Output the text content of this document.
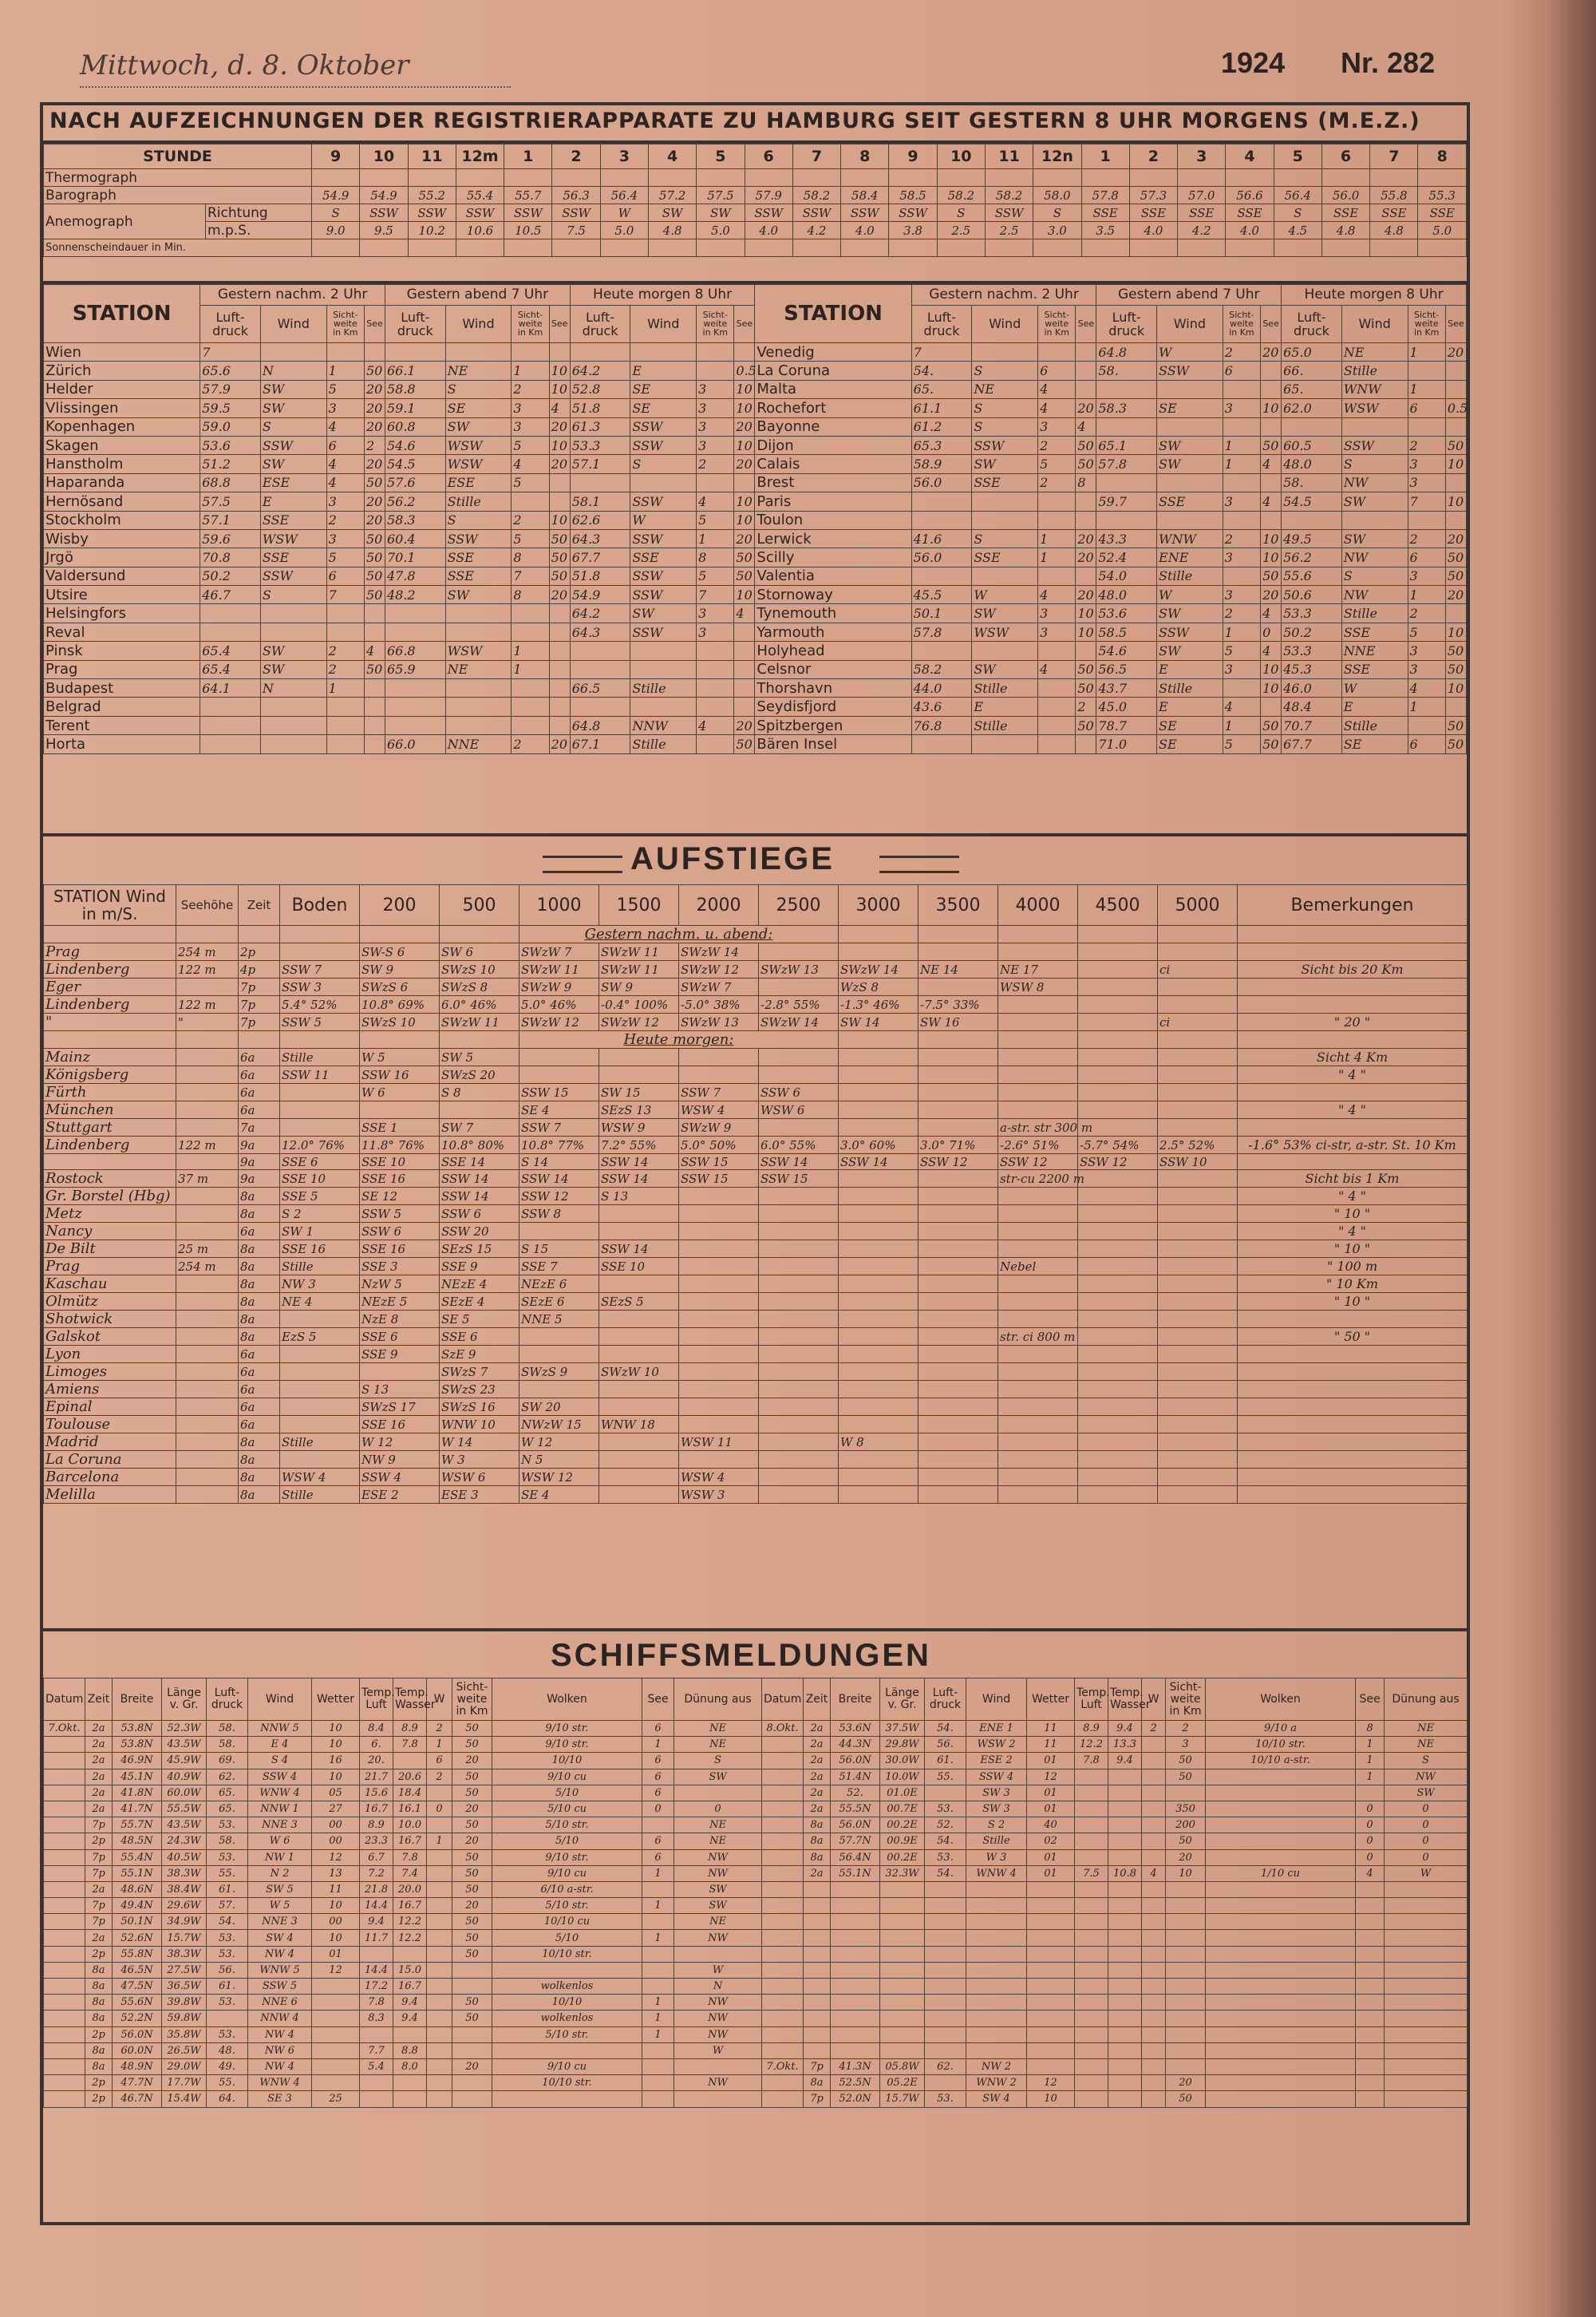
Mittwoch, d. 8. Oktober	1924 Nr. 282
NACH AUFZEICHNUNGEN DER REGISTRIERAPPARATE ZU HAMBURG SEIT GESTERN 8 UHR MORGENS (M.E.Z.)
STUNDE		9	10	11	12m	1	2	3	4	5	6	7	8	9	10	11	12n	1	2	3	4	5	6	7	8
Thermograph																									
Barograph		54.9	54.9	55.2	55.4	55.7	56.3	56.4	57.2	57.5	57.9	58.2	58.4	58.5	58.2	58.2	58.0	57.8	57.3	57.0	56.6	56.4	56.0	55.8	55.3
Anemograph	Richtung	S	SSW	SSW	SSW	SSW	SSW	W	SW	SW	SSW	SSW	SSW	SSW	S	SSW	S	SSE	SSE	SSE	SSE	S	SSE	SSE	SSE
	m.p.S.	9.0	9.5	10.2	10.6	10.5	7.5	5.0	4.8	5.0	4.0	4.2	4.0	3.8	2.5	2.5	3.0	3.5	4.0	4.2	4.0	4.5	4.8	4.8	5.0
Sonnenscheindauer in Min.																									
STATION	Gestern nachm. 2 Uhr				Gestern abend 7 Uhr				Heute morgen 8 Uhr				STATION	Gestern nachm. 2 Uhr				Gestern abend 7 Uhr				Heute morgen 8 Uhr			
	Luft-druck	Wind	Sicht-weite in Km	See	Luft-druck	Wind	Sicht-weite in Km	See	Luft-druck	Wind	Sicht-weite in Km	See		Luft-druck	Wind	Sicht-weite in Km	See	Luft-druck	Wind	Sicht-weite in Km	See	Luft-druck	Wind	Sicht-weite in Km	See
Wien	7												Venedig	7				64.8	W	2	20	65.0	NE	1	20
Zürich	65.6	N	1	50	66.1	NE	1	10	64.2	E		0.5	La Coruna	54.	S	6		58.	SSW	6		66.	Stille		
Helder	57.9	SW	5	20	58.8	S	2	10	52.8	SE	3	10	Malta	65.	NE	4						65.	WNW	1	
Vlissingen	59.5	SW	3	20	59.1	SE	3	4	51.8	SE	3	10	Rochefort	61.1	S	4	20	58.3	SE	3	10	62.0	WSW	6	0.5
Kopenhagen	59.0	S	4	20	60.8	SW	3	20	61.3	SSW	3	20	Bayonne	61.2	S	3	4								
Skagen	53.6	SSW	6	2	54.6	WSW	5	10	53.3	SSW	3	10	Dijon	65.3	SSW	2	50	65.1	SW	1	50	60.5	SSW	2	50
Hanstholm	51.2	SW	4	20	54.5	WSW	4	20	57.1	S	2	20	Calais	58.9	SW	5	50	57.8	SW	1	4	48.0	S	3	10
Haparanda	68.8	ESE	4	50	57.6	ESE	5						Brest	56.0	SSE	2	8					58.	NW	3	
Hernösand	57.5	E	3	20	56.2	Stille			58.1	SSW	4	10	Paris					59.7	SSE	3	4	54.5	SW	7	10
Stockholm	57.1	SSE	2	20	58.3	S	2	10	62.6	W	5	10	Toulon												
Wisby	59.6	WSW	3	50	60.4	SSW	5	50	64.3	SSW	1	20	Lerwick	41.6	S	1	20	43.3	WNW	2	10	49.5	SW	2	20
Jrgö	70.8	SSE	5	50	70.1	SSE	8	50	67.7	SSE	8	50	Scilly	56.0	SSE	1	20	52.4	ENE	3	10	56.2	NW	6	50
Valdersund	50.2	SSW	6	50	47.8	SSE	7	50	51.8	SSW	5	50	Valentia					54.0	Stille		50	55.6	S	3	50
Utsire	46.7	S	7	50	48.2	SW	8	20	54.9	SSW	7	10	Stornoway	45.5	W	4	20	48.0	W	3	20	50.6	NW	1	20
Helsingfors									64.2	SW	3	4	Tynemouth	50.1	SW	3	10	53.6	SW	2	4	53.3	Stille	2	
Reval									64.3	SSW	3		Yarmouth	57.8	WSW	3	10	58.5	SSW	1	0	50.2	SSE	5	10
Pinsk	65.4	SW	2	4	66.8	WSW	1						Holyhead					54.6	SW	5	4	53.3	NNE	3	50
Prag	65.4	SW	2	50	65.9	NE	1						Celsnor	58.2	SW	4	50	56.5	E	3	10	45.3	SSE	3	50
Budapest	64.1	N	1						66.5	Stille			Thorshavn	44.0	Stille		50	43.7	Stille		10	46.0	W	4	10
Belgrad													Seydisfjord	43.6	E		2	45.0	E	4		48.4	E	1	
Terent									64.8	NNW	4	20	Spitzbergen	76.8	Stille		50	78.7	SE	1	50	70.7	Stille		50
Horta					66.0	NNE	2	20	67.1	Stille		50	Bären Insel					71.0	SE	5	50	67.7	SE	6	50
AUFSTIEGE
STATION Wind in m/S.	Seehöhe	Zeit	Boden	200	500	1000	1500	2000	2500	3000	3500	4000	4500	5000	Bemerkungen
						Gestern nachm. u. abend:									
Prag	254 m	2p		SW-S 6	SW 6	SWzW 7	SWzW 11	SWzW 14							
Lindenberg	122 m	4p	SSW 7	SW 9	SWzS 10	SWzW 11	SWzW 11	SWzW 12	SWzW 13	SWzW 14	NE 14	NE 17		ci	Sicht bis 20 Km
Eger		7p	SSW 3	SWzS 6	SWzS 8	SWzW 9	SW 9	SWzW 7		WzS 8		WSW 8			
Lindenberg	122 m	7p	5.4° 52%	10.8° 69%	6.0° 46%	5.0° 46%	-0.4° 100%	-5.0° 38%	-2.8° 55%	-1.3° 46%	-7.5° 33%				
"	"	7p	SSW 5	SWzS 10	SWzW 11	SWzW 12	SWzW 12	SWzW 13	SWzW 14	SW 14	SW 16			ci	" 20 "
						Heute morgen:									
Mainz		6a	Stille	W 5	SW 5										Sicht 4 Km
Königsberg		6a	SSW 11	SSW 16	SWzS 20										" 4 "
Fürth		6a		W 6	S 8	SSW 15	SW 15	SSW 7	SSW 6						
München		6a				SE 4	SEzS 13	WSW 4	WSW 6						" 4 "
Stuttgart		7a		SSE 1	SW 7	SSW 7	WSW 9	SWzW 9				a-str. str 300 m			
Lindenberg	122 m	9a	12.0° 76%	11.8° 76%	10.8° 80%	10.8° 77%	7.2° 55%	5.0° 50%	6.0° 55%	3.0° 60%	3.0° 71%	-2.6° 51%	-5.7° 54%	2.5° 52%	-1.6° 53% ci-str, a-str. St. 10 Km
		9a	SSE 6	SSE 10	SSE 14	S 14	SSW 14	SSW 15	SSW 14	SSW 14	SSW 12	SSW 12	SSW 12	SSW 10	
Rostock	37 m	9a	SSE 10	SSE 16	SSW 14	SSW 14	SSW 14	SSW 15	SSW 15			str-cu 2200 m			Sicht bis 1 Km
Gr. Borstel (Hbg)		8a	SSE 5	SE 12	SSW 14	SSW 12	S 13								" 4 "
Metz		8a	S 2	SSW 5	SSW 6	SSW 8									" 10 "
Nancy		6a	SW 1	SSW 6	SSW 20										" 4 "
De Bilt	25 m	8a	SSE 16	SSE 16	SEzS 15	S 15	SSW 14								" 10 "
Prag	254 m	8a	Stille	SSE 3	SSE 9	SSE 7	SSE 10					Nebel			" 100 m
Kaschau		8a	NW 3	NzW 5	NEzE 4	NEzE 6									" 10 Km
Olmütz		8a	NE 4	NEzE 5	SEzE 4	SEzE 6	SEzS 5								" 10 "
Shotwick		8a		NzE 8	SE 5	NNE 5									
Galskot		8a	EzS 5	SSE 6	SSE 6							str. ci 800 m			" 50 "
Lyon		6a		SSE 9	SzE 9										
Limoges		6a			SWzS 7	SWzS 9	SWzW 10								
Amiens		6a		S 13	SWzS 23										
Epinal		6a		SWzS 17	SWzS 16	SW 20									
Toulouse		6a		SSE 16	WNW 10	NWzW 15	WNW 18								
Madrid		8a	Stille	W 12	W 14	W 12		WSW 11		W 8					
La Coruna		8a		NW 9	W 3	N 5									
Barcelona		8a	WSW 4	SSW 4	WSW 6	WSW 12		WSW 4							
Melilla		8a	Stille	ESE 2	ESE 3	SE 4		WSW 3							
SCHIFFSMELDUNGEN
Datum	Zeit	Breite	Länge v. Gr.	Luft-druck	Wind	Wetter	Temp. Luft	Temp. Wasser	W	Sicht-weite in Km	Wolken	See	Dünung aus
7.Okt.	2a	53.8N	52.3W	58.	NNW 5	10	8.4	8.9	2	50	9/10 str.	6	NE
	2a	53.8N	43.5W	58.	E 4	10	6.	7.8	1	50	9/10 str.	1	NE
	2a	46.9N	45.9W	69.	S 4	16	20.		6	20	10/10	6	S
	2a	45.1N	40.9W	62.	SSW 4	10	21.7	20.6	2	50	9/10 cu	6	SW
	2a	41.8N	60.0W	65.	WNW 4	05	15.6	18.4		50	5/10	6	
	2a	41.7N	55.5W	65.	NNW 1	27	16.7	16.1	0	20	5/10 cu	0	0
	7p	55.7N	43.5W	53.	NNE 3	00	8.9	10.0		50	5/10 str.		NE
	2p	48.5N	24.3W	58.	W 6	00	23.3	16.7	1	20	5/10	6	NE
	7p	55.4N	40.5W	53.	NW 1	12	6.7	7.8		50	9/10 str.	6	NW
	7p	55.1N	38.3W	55.	N 2	13	7.2	7.4		50	9/10 cu	1	NW
	2a	48.6N	38.4W	61.	SW 5	11	21.8	20.0		50	6/10 a-str.		SW
	7p	49.4N	29.6W	57.	W 5	10	14.4	16.7		20	5/10 str.	1	SW
	7p	50.1N	34.9W	54.	NNE 3	00	9.4	12.2		50	10/10 cu		NE
	2a	52.6N	15.7W	53.	SW 4	10	11.7	12.2		50	5/10	1	NW
	2p	55.8N	38.3W	53.	NW 4	01				50	10/10 str.		
	8a	46.5N	27.5W	56.	WNW 5	12	14.4	15.0					W
	8a	47.5N	36.5W	61.	SSW 5		17.2	16.7			wolkenlos		N
	8a	55.6N	39.8W	53.	NNE 6		7.8	9.4		50	10/10	1	NW
	8a	52.2N	59.8W		NNW 4		8.3	9.4		50	wolkenlos	1	NW
	2p	56.0N	35.8W	53.	NW 4						5/10 str.	1	NW
	8a	60.0N	26.5W	48.	NW 6		7.7	8.8					W
	8a	48.9N	29.0W	49.	NW 4		5.4	8.0		20	9/10 cu		
	2p	47.7N	17.7W	55.	WNW 4						10/10 str.		NW
	2p	46.7N	15.4W	64.	SE 3	25							
Datum	Zeit	Breite	Länge v. Gr.	Luft-druck	Wind	Wetter	Temp. Luft	Temp. Wasser	W	Sicht-weite in Km	Wolken	See	Dünung aus
8.Okt.	2a	53.6N	37.5W	54.	ENE 1	11	8.9	9.4	2	2	9/10 a	8	NE
	2a	44.3N	29.8W	56.	WSW 2	11	12.2	13.3		3	10/10 str.	1	NE
	2a	56.0N	30.0W	61.	ESE 2	01	7.8	9.4		50	10/10 a-str.	1	S
	2a	51.4N	10.0W	55.	SSW 4	12				50		1	NW
	2a	52.	01.0E		SW 3	01							SW
	2a	55.5N	00.7E	53.	SW 3	01				350		0	0
	8a	56.0N	00.2E	52.	S 2	40				200		0	0
	8a	57.7N	00.9E	54.	Stille	02				50		0	0
	8a	56.4N	00.2E	53.	W 3	01				20		0	0
	2a	55.1N	32.3W	54.	WNW 4	01	7.5	10.8	4	10	1/10 cu	4	W

7.Okt.	7p	41.3N	05.8W	62.	NW 2								
	8a	52.5N	05.2E		WNW 2	12				20			
	7p	52.0N	15.7W	53.	SW 4	10				50			
